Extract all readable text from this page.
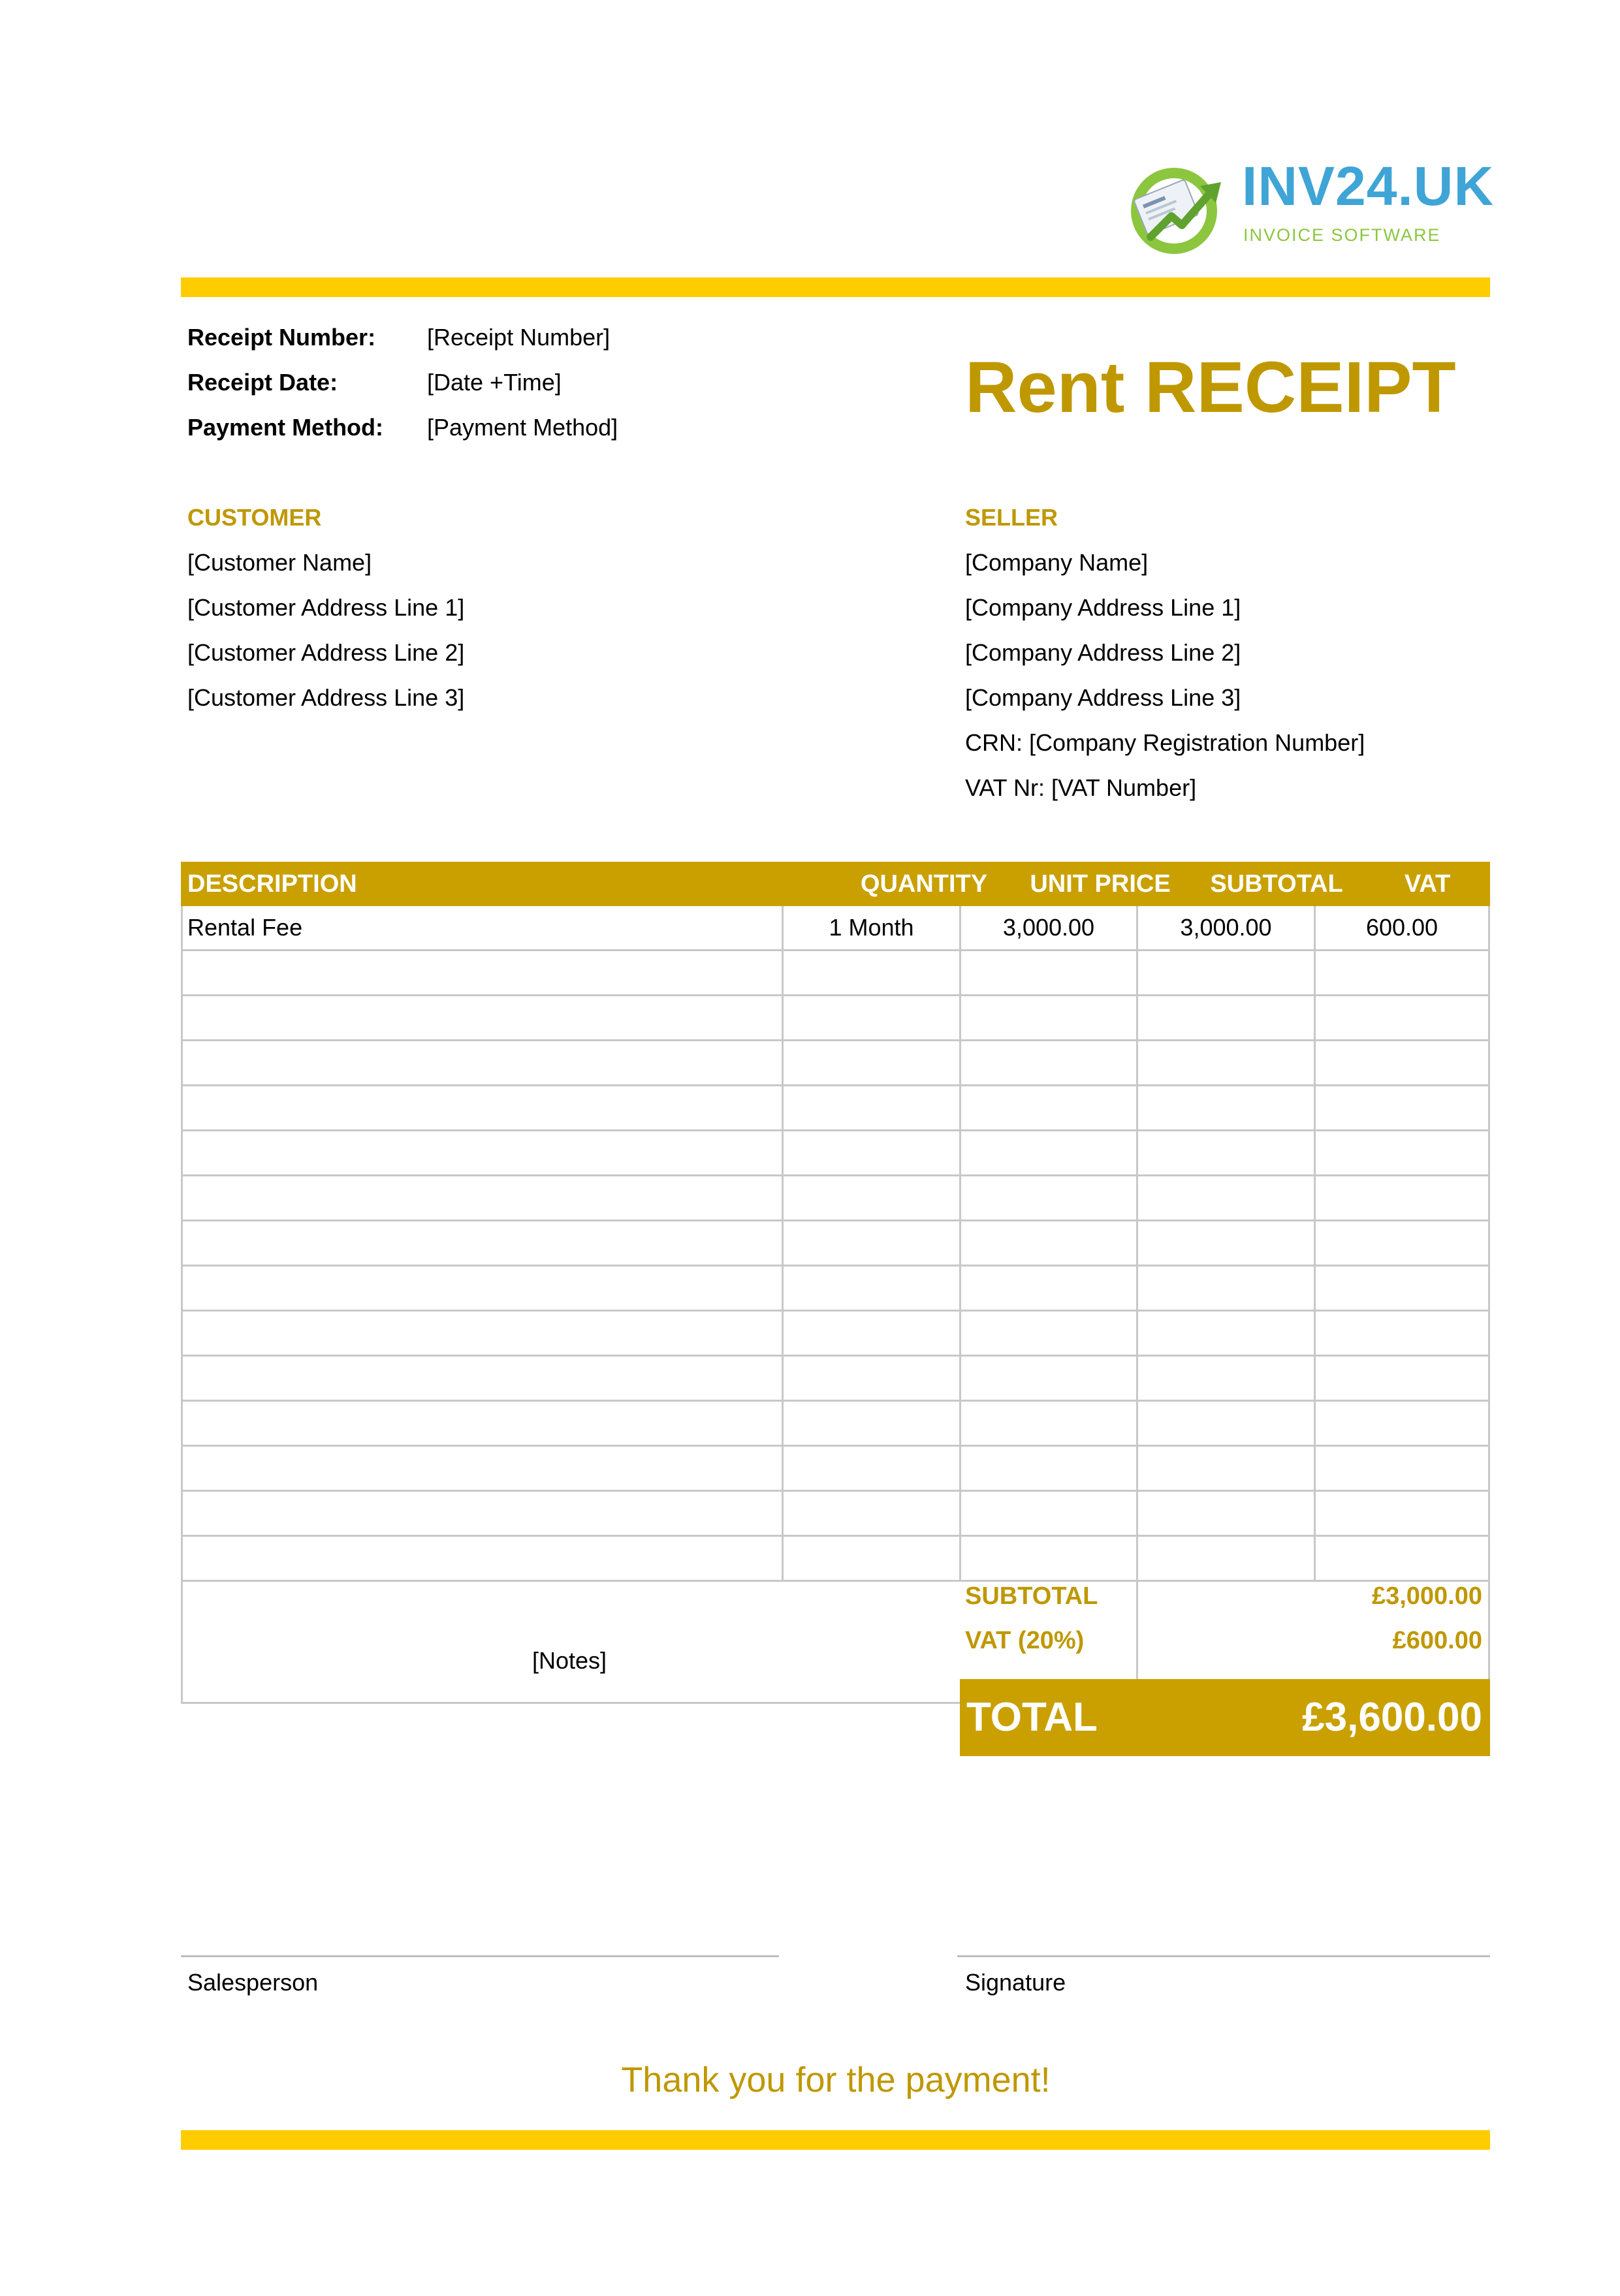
INV24.UK
INVOICE SOFTWARE
Receipt Number: [Receipt Number]
Receipt Date:	[Date +Time]
Payment Method: [Payment Method]	Rent RECEIPT
CUSTOMER
[Customer Name]
[Customer Address Line 1]
[Customer Address Line 2]
[Customer Address Line 3]
SELLER
[Company Name]
[Company Address Line 1]
[Company Address Line 2]
[Company Address Line 3]
CRN: [Company Registration Number]
VAT Nr: [VAT Number]
DESCRIPTION	QUANTITY	UNIT PRICE	SUBTOTAL	VAT
Rental Fee	1 Month	3,000.00	3,000.00	600.00
[Notes]
SUBTOTAL	£3,000.00
VAT (20%)	£600.00
TOTAL	£3,600.00
Salesperson	Signature
Thank you for the payment!
